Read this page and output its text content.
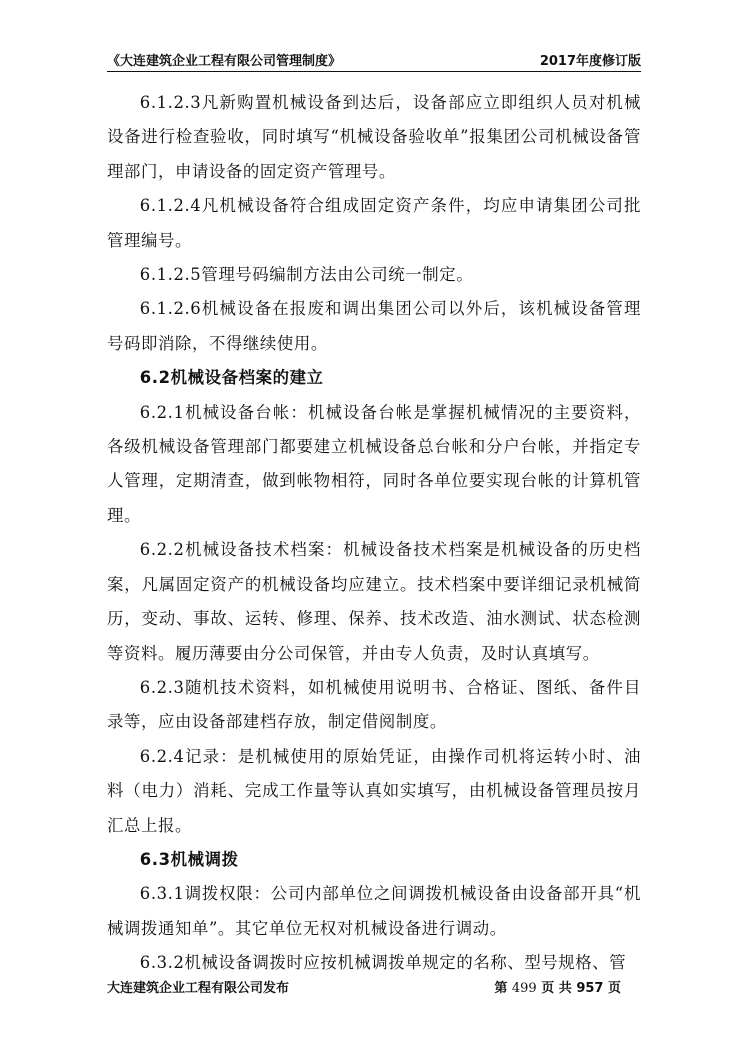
《大连建筑企业工程有限公司管理制度》	2017年度修订版

6.1.2.3凡新购置机械设备到达后，设备部应立即组织人员对机械设备进行检查验收，同时填写“机械设备验收单”报集团公司机械设备管理部门，申请设备的固定资产管理号。

6.1.2.4凡机械设备符合组成固定资产条件，均应申请集团公司批管理编号。

6.1.2.5管理号码编制方法由公司统一制定。

6.1.2.6机械设备在报废和调出集团公司以外后，该机械设备管理号码即消除，不得继续使用。

6.2机械设备档案的建立

6.2.1机械设备台帐：机械设备台帐是掌握机械情况的主要资料，各级机械设备管理部门都要建立机械设备总台帐和分户台帐，并指定专人管理，定期清查，做到帐物相符，同时各单位要实现台帐的计算机管理。

6.2.2机械设备技术档案：机械设备技术档案是机械设备的历史档案，凡属固定资产的机械设备均应建立。技术档案中要详细记录机械简历，变动、事故、运转、修理、保养、技术改造、油水测试、状态检测等资料。履历薄要由分公司保管，并由专人负责，及时认真填写。

6.2.3随机技术资料，如机械使用说明书、合格证、图纸、备件目录等，应由设备部建档存放，制定借阅制度。

6.2.4记录：是机械使用的原始凭证，由操作司机将运转小时、油料（电力）消耗、完成工作量等认真如实填写，由机械设备管理员按月汇总上报。

6.3机械调拨

6.3.1调拨权限：公司内部单位之间调拨机械设备由设备部开具“机械调拨通知单”。其它单位无权对机械设备进行调动。

6.3.2机械设备调拨时应按机械调拨单规定的名称、型号规格、管

大连建筑企业工程有限公司发布	第 499 页 共 957 页
